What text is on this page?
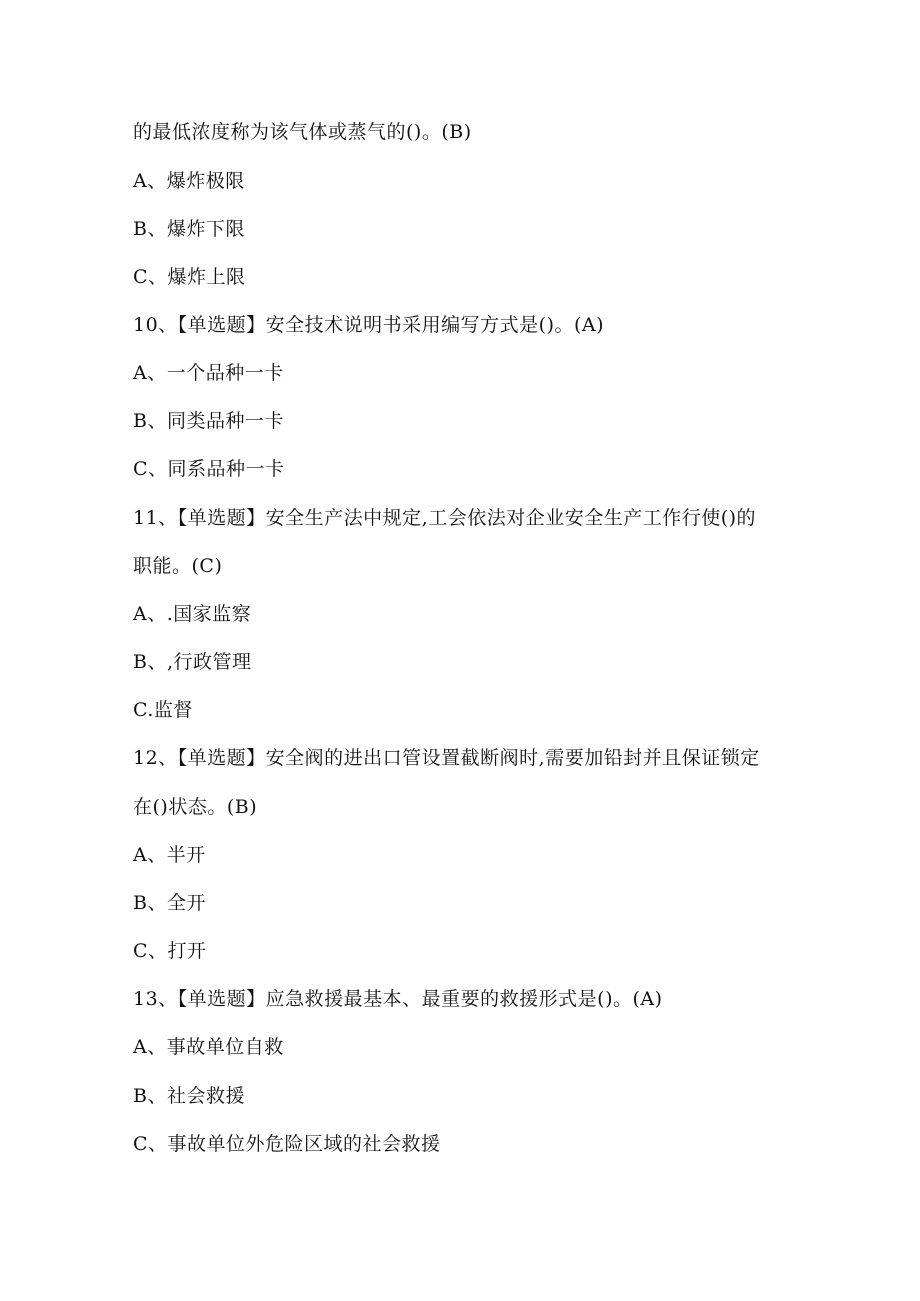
的最低浓度称为该气体或蒸气的()。(B)
A、爆炸极限
B、爆炸下限
C、爆炸上限
10、【单选题】安全技术说明书采用编写方式是()。(A)
A、一个品种一卡
B、同类品种一卡
C、同系品种一卡
11、【单选题】安全生产法中规定,工会依法对企业安全生产工作行使()的
职能。(C)
A、.国家监察
B、,行政管理
C.监督
12、【单选题】安全阀的进出口管设置截断阀时,需要加铅封并且保证锁定
在()状态。(B)
A、半开
B、全开
C、打开
13、【单选题】应急救援最基本、最重要的救援形式是()。(A)
A、事故单位自救
B、社会救援
C、事故单位外危险区域的社会救援
